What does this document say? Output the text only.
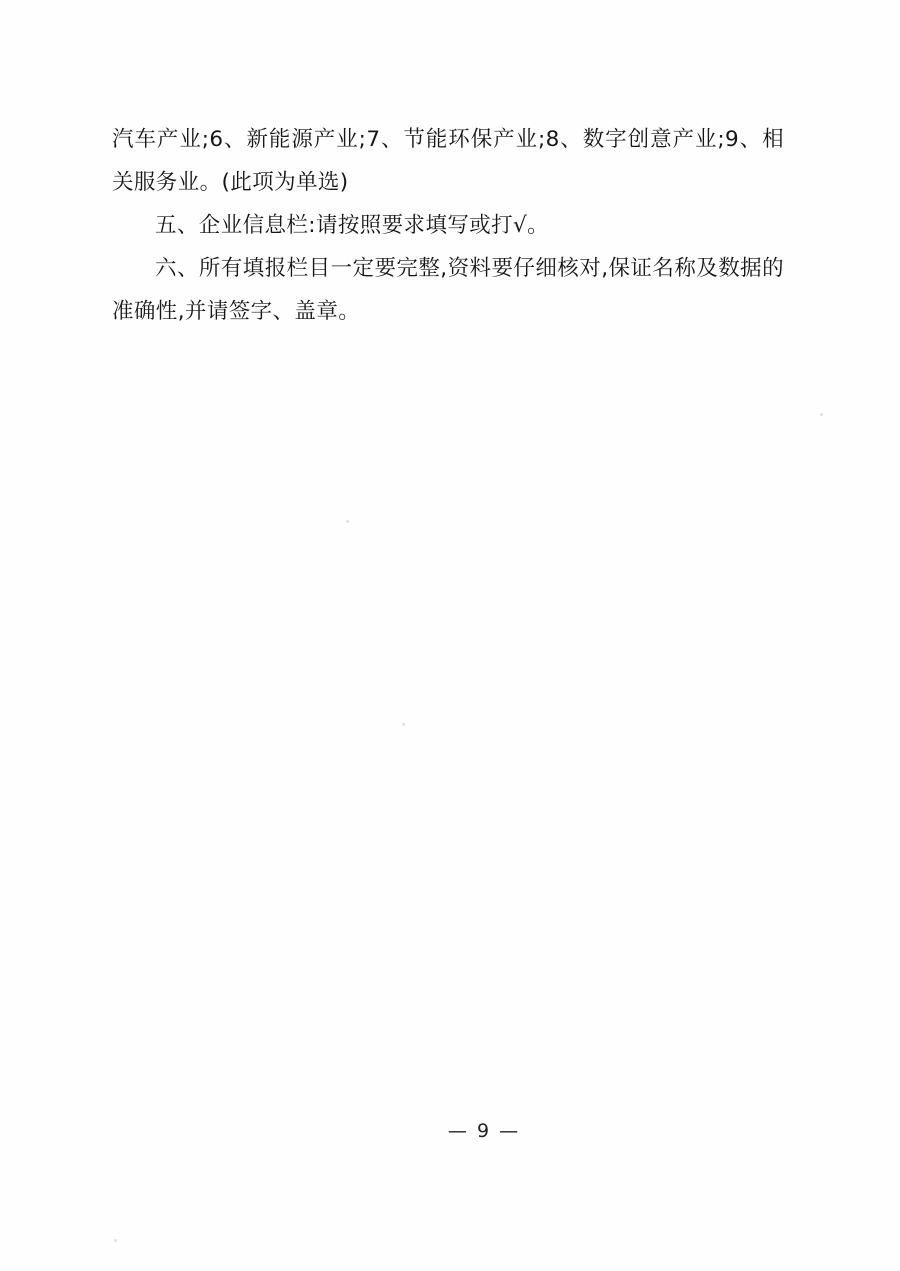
汽车产业;6、新能源产业;7、节能环保产业;8、数字创意产业;9、相关服务业。(此项为单选)

五、企业信息栏:请按照要求填写或打√。

六、所有填报栏目一定要完整,资料要仔细核对,保证名称及数据的准确性,并请签字、盖章。

— 9 —
